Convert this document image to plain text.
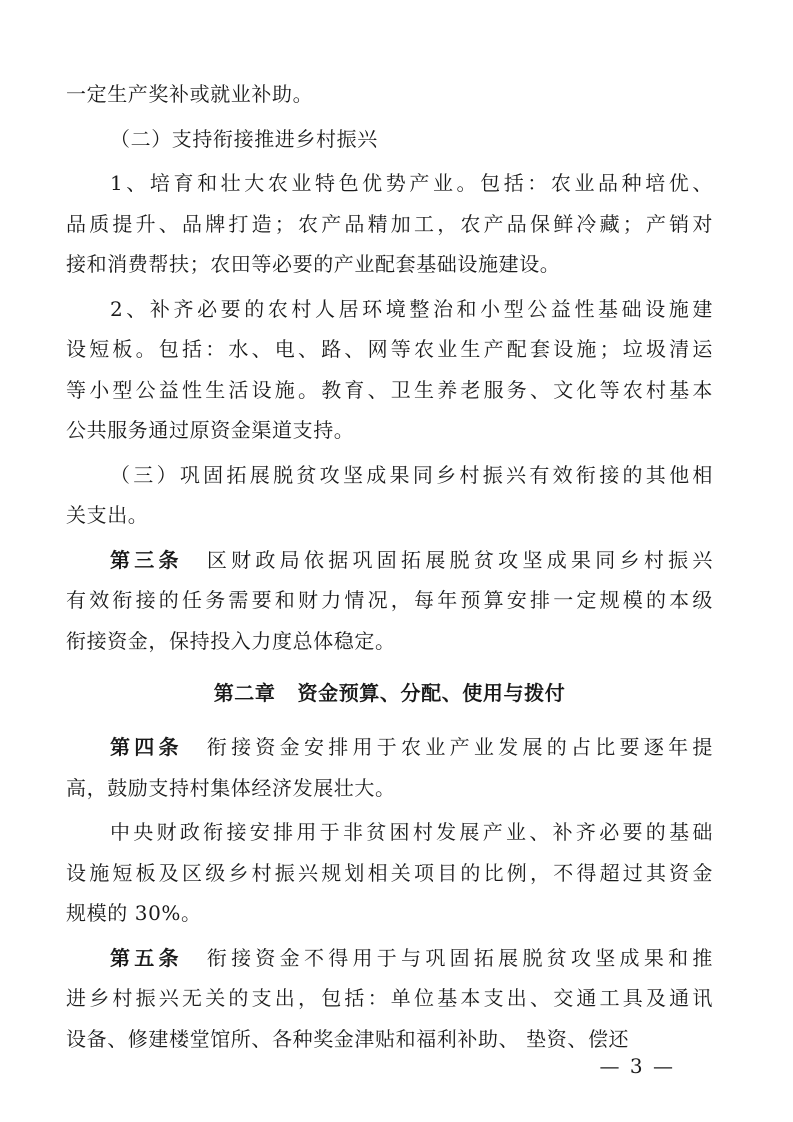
一定生产奖补或就业补助。
（二）支持衔接推进乡村振兴
1、培育和壮大农业特色优势产业。包括：农业品种培优、
品质提升、品牌打造；农产品精加工，农产品保鲜冷藏；产销对
接和消费帮扶；农田等必要的产业配套基础设施建设。
2、补齐必要的农村人居环境整治和小型公益性基础设施建
设短板。包括：水、电、路、网等农业生产配套设施；垃圾清运
等小型公益性生活设施。教育、卫生养老服务、文化等农村基本
公共服务通过原资金渠道支持。
（三）巩固拓展脱贫攻坚成果同乡村振兴有效衔接的其他相
关支出。
第三条 区财政局依据巩固拓展脱贫攻坚成果同乡村振兴
有效衔接的任务需要和财力情况，每年预算安排一定规模的本级
衔接资金，保持投入力度总体稳定。
第二章 资金预算、分配、使用与拨付
第四条 衔接资金安排用于农业产业发展的占比要逐年提
高，鼓励支持村集体经济发展壮大。
中央财政衔接安排用于非贫困村发展产业、补齐必要的基础
设施短板及区级乡村振兴规划相关项目的比例，不得超过其资金
规模的 30%。
第五条 衔接资金不得用于与巩固拓展脱贫攻坚成果和推
进乡村振兴无关的支出，包括：单位基本支出、交通工具及通讯
设备、修建楼堂馆所、各种奖金津贴和福利补助、 垫资、偿还
— 3 —
